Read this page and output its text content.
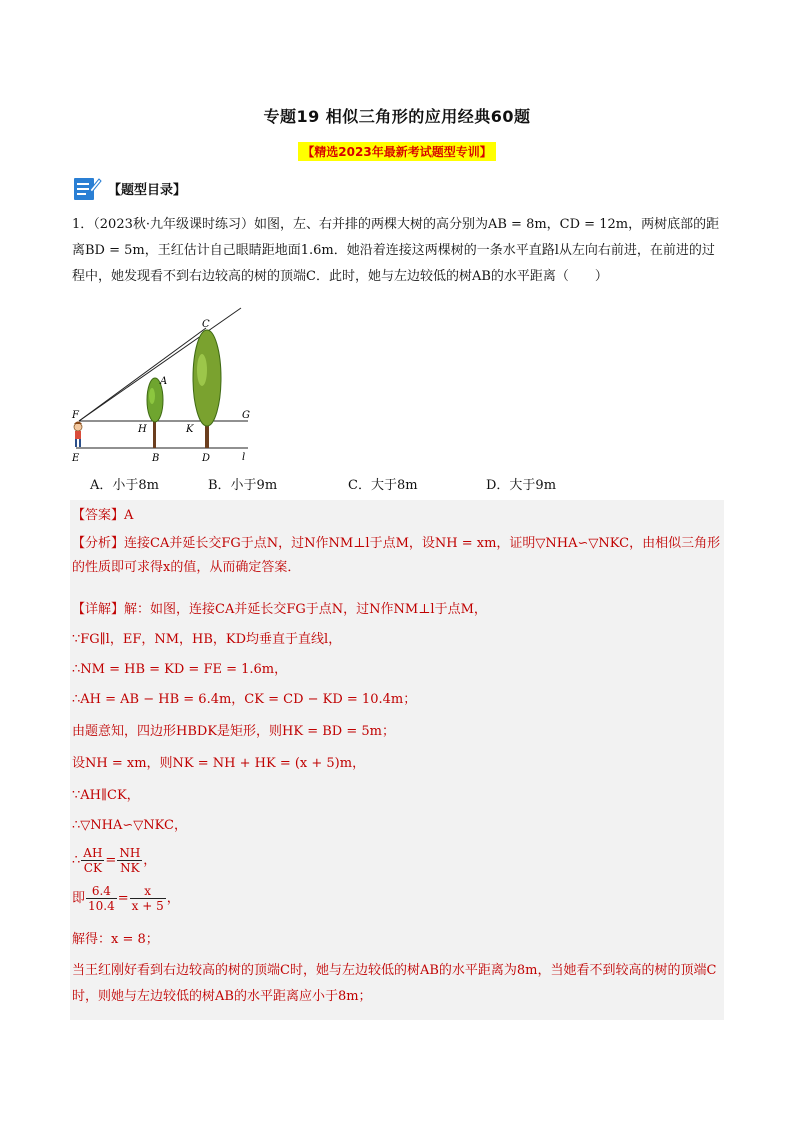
专题19 相似三角形的应用经典60题
【精选2023年最新考试题型专训】
【题型目录】
1．（2023秋·九年级课时练习）如图，左、右并排的两棵大树的高分别为AB = 8m，CD = 12m，两树底部的距离BD = 5m，王红估计自己眼睛距地面1.6m．她沿着连接这两棵树的一条水平直路l从左向右前进，在前进的过程中，她发现看不到右边较高的树的顶端C．此时，她与左边较低的树AB的水平距离（　　）
C
A
F	G
H	K
E	B	D	l
A．小于8m	B．小于9m	C．大于8m	D．大于9m
【答案】A
【分析】连接CA并延长交FG于点N，过N作NM⊥l于点M，设NH = xm，证明▽NHA∽▽NKC，由相似三角形的性质即可求得x的值，从而确定答案．
【详解】解：如图，连接CA并延长交FG于点N，过N作NM⊥l于点M，
∵FG∥l，EF，NM，HB，KD均垂直于直线l，
∴NM = HB = KD = FE = 1.6m，
∴AH = AB − HB = 6.4m，CK = CD − KD = 10.4m；
由题意知，四边形HBDK是矩形，则HK = BD = 5m；
设NH = xm，则NK = NH + HK = (x + 5)m，
∵AH∥CK，
∴▽NHA∽▽NKC，
∴ $\frac{AH}{CK} = \frac{NH}{NK}$ ，
即 $\frac{6.4}{10.4} = \frac{x}{x + 5}$ ，
解得：x = 8；
当王红刚好看到右边较高的树的顶端C时，她与左边较低的树AB的水平距离为8m，当她看不到较高的树的顶端C时，则她与左边较低的树AB的水平距离应小于8m；
